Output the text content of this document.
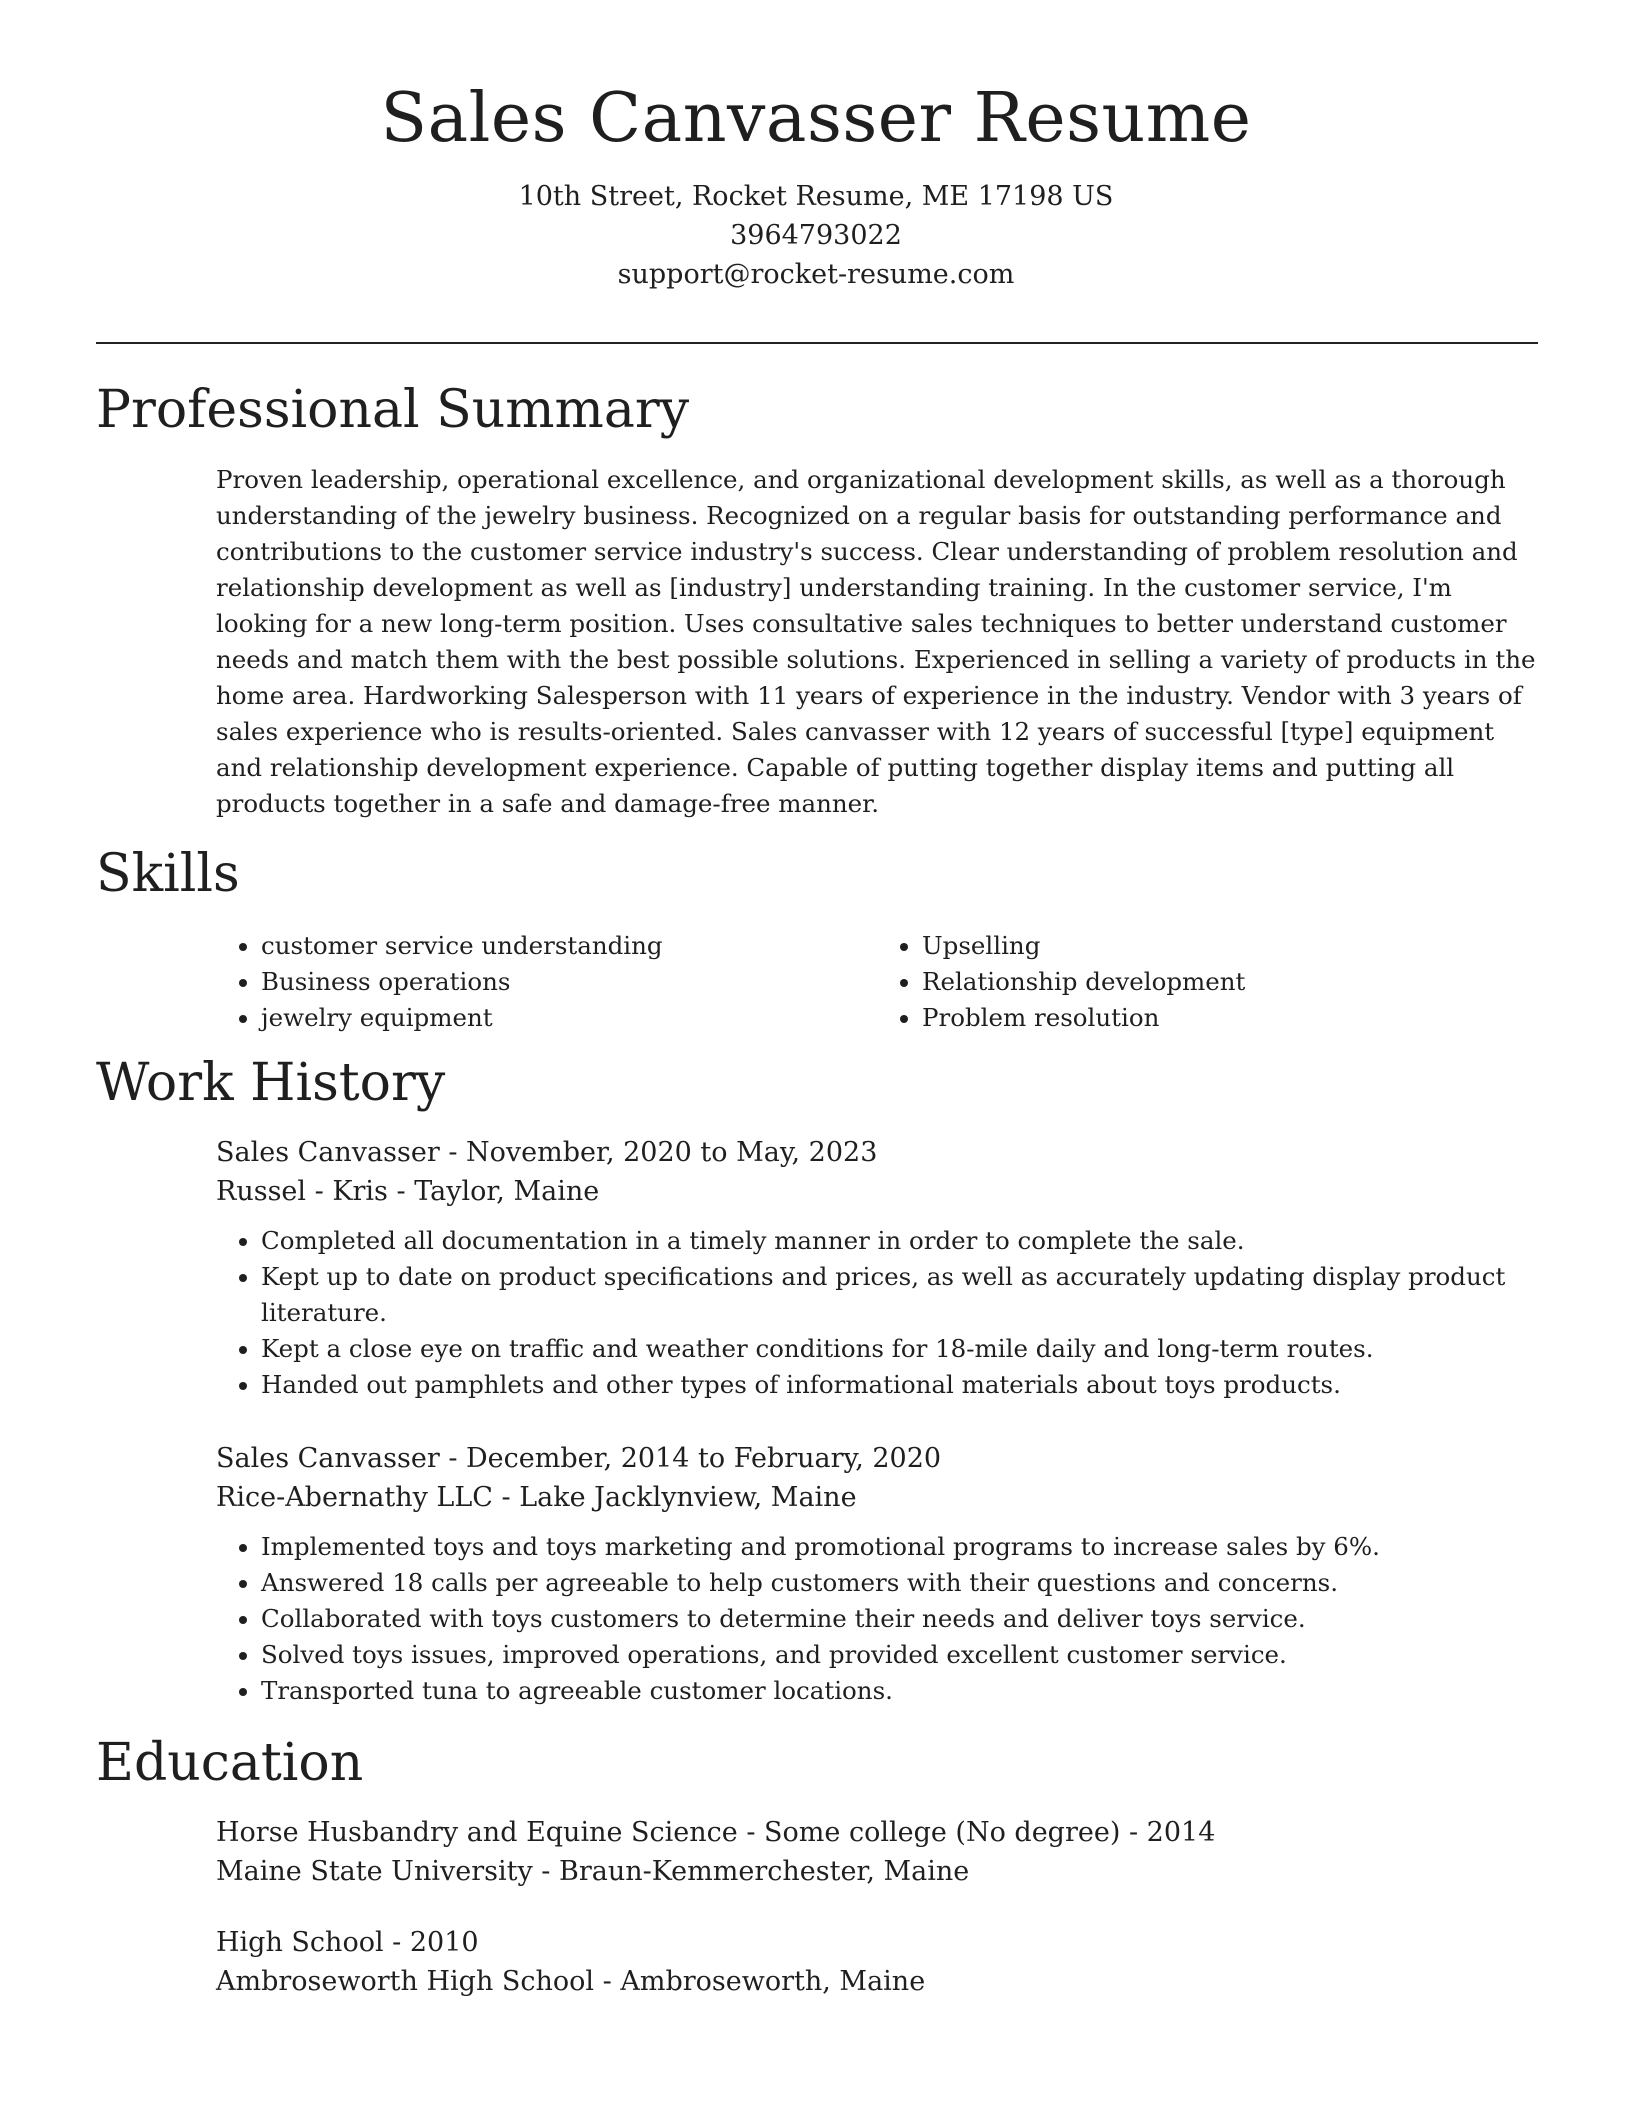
Sales Canvasser Resume
10th Street, Rocket Resume, ME 17198 US
3964793022
support@rocket-resume.com
Professional Summary
Proven leadership, operational excellence, and organizational development skills, as well as a thorough understanding of the jewelry business. Recognized on a regular basis for outstanding performance and contributions to the customer service industry's success. Clear understanding of problem resolution and relationship development as well as [industry] understanding training. In the customer service, I'm looking for a new long-term position. Uses consultative sales techniques to better understand customer needs and match them with the best possible solutions. Experienced in selling a variety of products in the home area. Hardworking Salesperson with 11 years of experience in the industry. Vendor with 3 years of sales experience who is results-oriented. Sales canvasser with 12 years of successful [type] equipment and relationship development experience. Capable of putting together display items and putting all products together in a safe and damage-free manner.
Skills
• customer service understanding
• Business operations
• jewelry equipment
• Upselling
• Relationship development
• Problem resolution
Work History
Sales Canvasser - November, 2020 to May, 2023
Russel - Kris - Taylor, Maine
• Completed all documentation in a timely manner in order to complete the sale.
• Kept up to date on product specifications and prices, as well as accurately updating display product literature.
• Kept a close eye on traffic and weather conditions for 18-mile daily and long-term routes.
• Handed out pamphlets and other types of informational materials about toys products.
Sales Canvasser - December, 2014 to February, 2020
Rice-Abernathy LLC - Lake Jacklynview, Maine
• Implemented toys and toys marketing and promotional programs to increase sales by 6%.
• Answered 18 calls per agreeable to help customers with their questions and concerns.
• Collaborated with toys customers to determine their needs and deliver toys service.
• Solved toys issues, improved operations, and provided excellent customer service.
• Transported tuna to agreeable customer locations.
Education
Horse Husbandry and Equine Science - Some college (No degree) - 2014
Maine State University - Braun-Kemmerchester, Maine
High School - 2010
Ambroseworth High School - Ambroseworth, Maine
